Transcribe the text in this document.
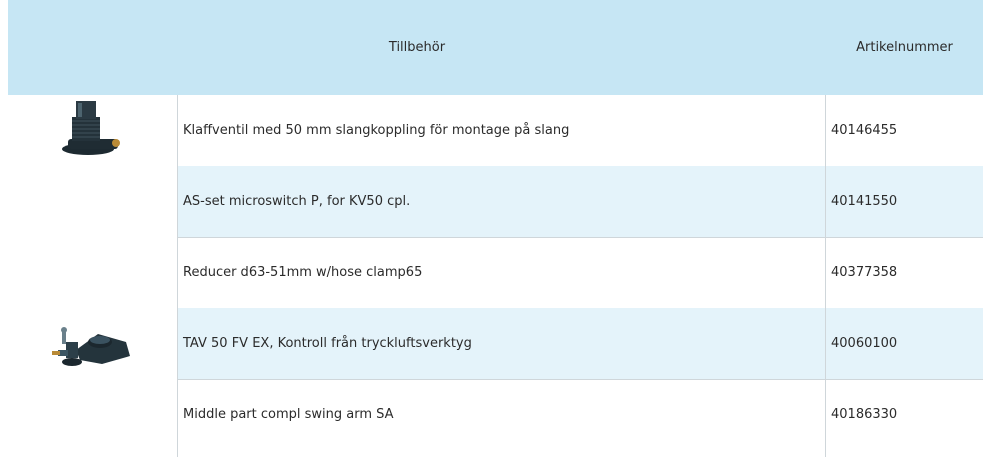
Tillbehör	Artikelnummer
Klaffventil med 50 mm slangkoppling för montage på slang	40146455
AS-set microswitch P, for KV50 cpl.	40141550
Reducer d63-51mm w/hose clamp65	40377358
TAV 50 FV EX, Kontroll från tryckluftsverktyg	40060100
Middle part compl swing arm SA	40186330
